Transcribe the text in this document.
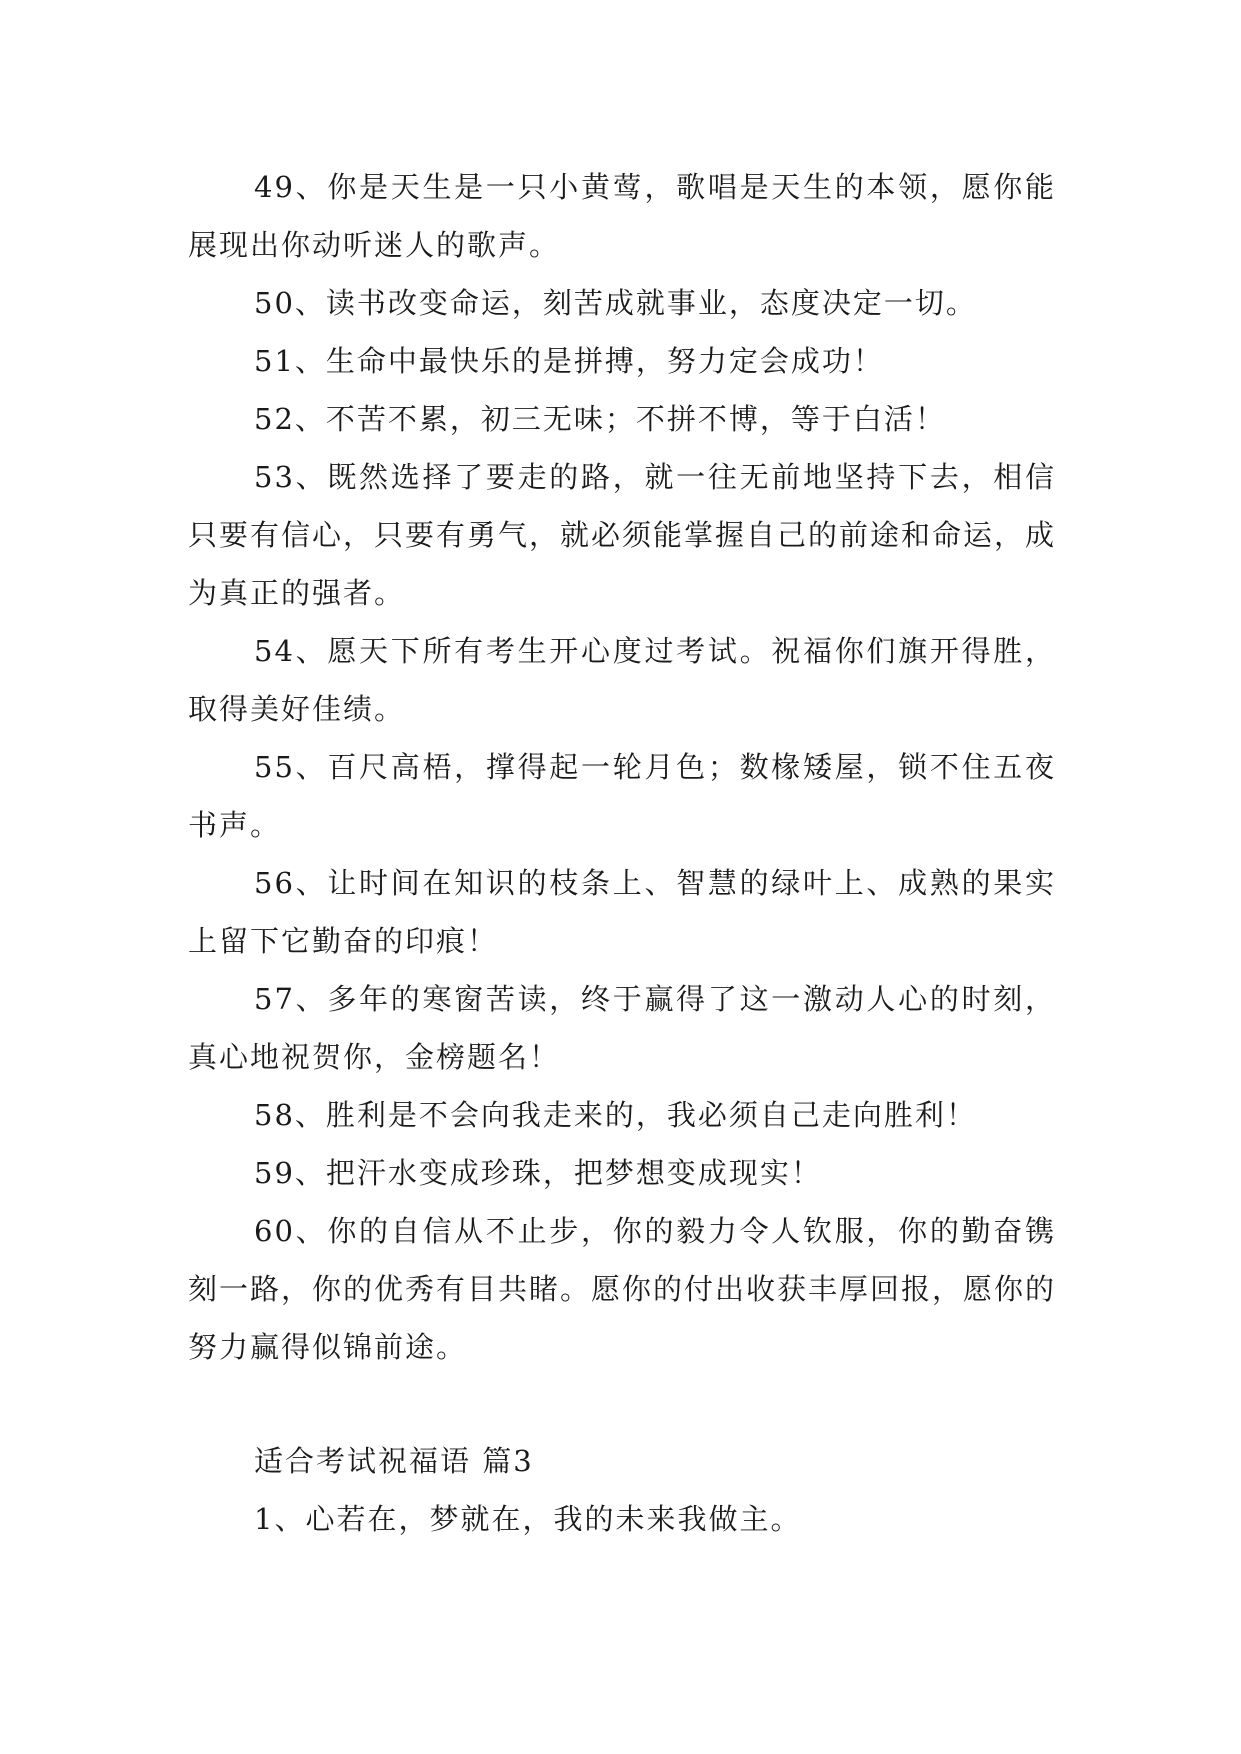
49、你是天生是一只小黄莺，歌唱是天生的本领，愿你能展现出你动听迷人的歌声。

50、读书改变命运，刻苦成就事业，态度决定一切。

51、生命中最快乐的是拼搏，努力定会成功！

52、不苦不累，初三无味；不拼不博，等于白活！

53、既然选择了要走的路，就一往无前地坚持下去，相信只要有信心，只要有勇气，就必须能掌握自己的前途和命运，成为真正的强者。

54、愿天下所有考生开心度过考试。祝福你们旗开得胜，取得美好佳绩。

55、百尺高梧，撑得起一轮月色；数椽矮屋，锁不住五夜书声。

56、让时间在知识的枝条上、智慧的绿叶上、成熟的果实上留下它勤奋的印痕！

57、多年的寒窗苦读，终于赢得了这一激动人心的时刻，真心地祝贺你，金榜题名！

58、胜利是不会向我走来的，我必须自己走向胜利！

59、把汗水变成珍珠，把梦想变成现实！

60、你的自信从不止步，你的毅力令人钦服，你的勤奋镌刻一路，你的优秀有目共睹。愿你的付出收获丰厚回报，愿你的努力赢得似锦前途。

适合考试祝福语 篇3

1、心若在，梦就在，我的未来我做主。
